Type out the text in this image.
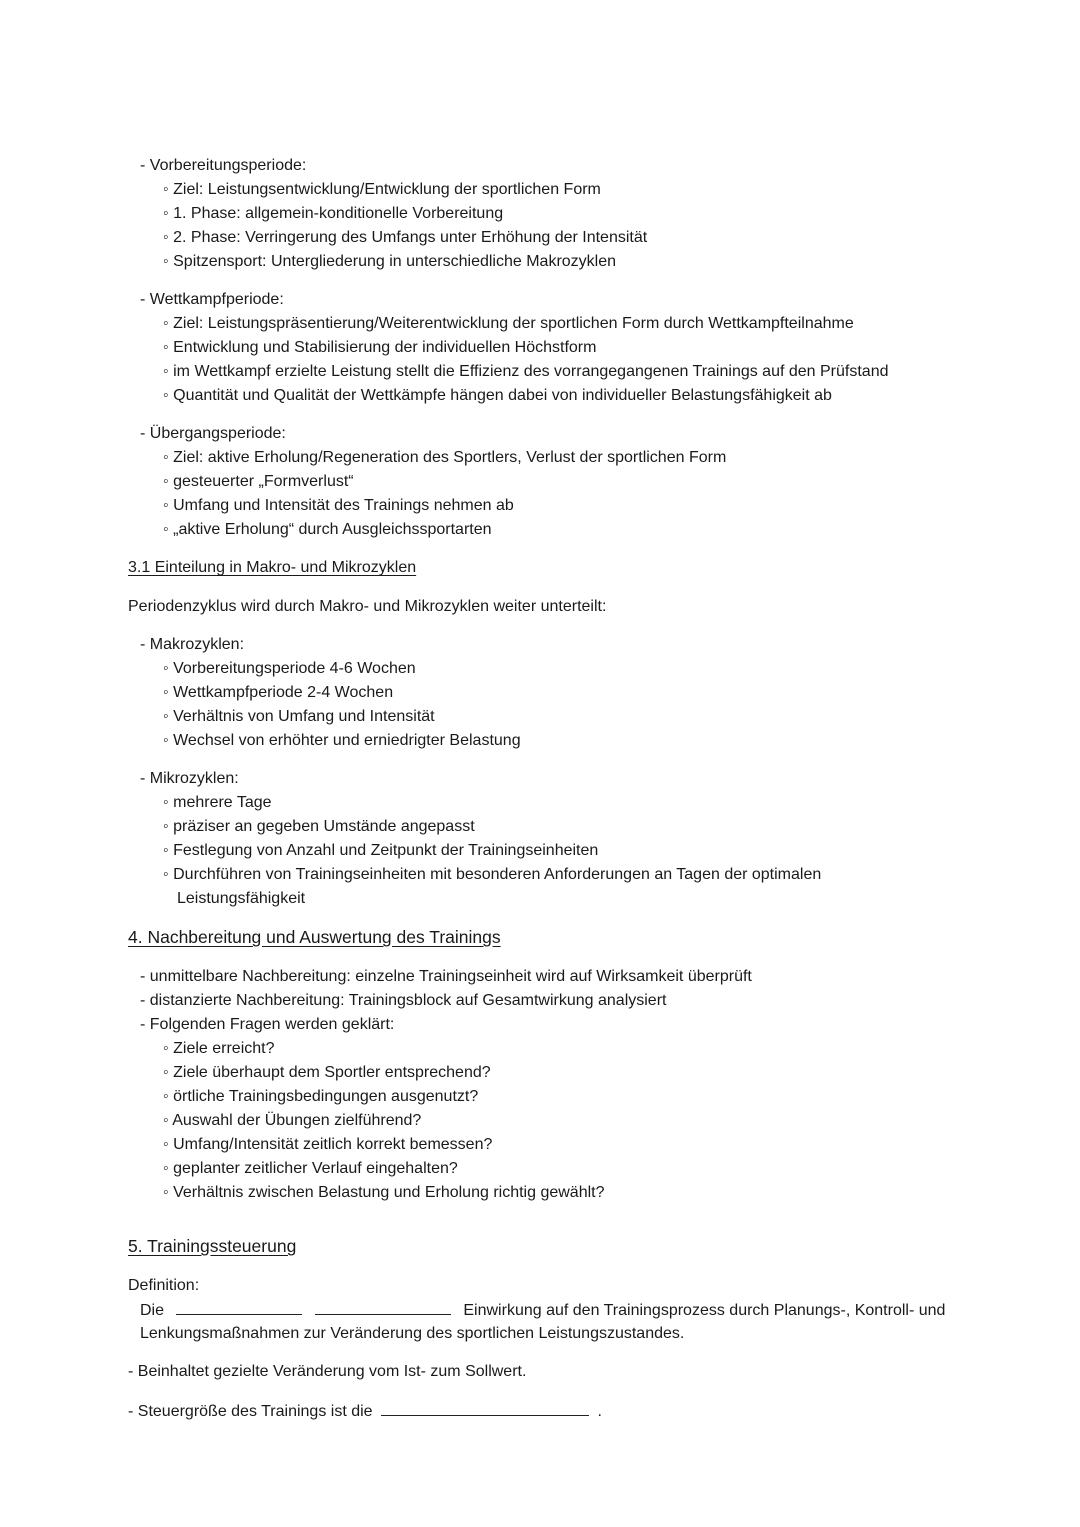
- Vorbereitungsperiode:
◦ Ziel: Leistungsentwicklung/Entwicklung der sportlichen Form
◦ 1. Phase: allgemein-konditionelle Vorbereitung
◦ 2. Phase: Verringerung des Umfangs unter Erhöhung der Intensität
◦ Spitzensport: Untergliederung in unterschiedliche Makrozyklen
- Wettkampfperiode:
◦ Ziel: Leistungspräsentierung/Weiterentwicklung der sportlichen Form durch Wettkampfteilnahme
◦ Entwicklung und Stabilisierung der individuellen Höchstform
◦ im Wettkampf erzielte Leistung stellt die Effizienz des vorrangegangenen Trainings auf den Prüfstand
◦ Quantität und Qualität der Wettkämpfe hängen dabei von individueller Belastungsfähigkeit ab
- Übergangsperiode:
◦ Ziel: aktive Erholung/Regeneration des Sportlers, Verlust der sportlichen Form
◦ gesteuerter „Formverlust“
◦ Umfang und Intensität des Trainings nehmen ab
◦ „aktive Erholung“ durch Ausgleichssportarten
3.1 Einteilung in Makro- und Mikrozyklen
Periodenzyklus wird durch Makro- und Mikrozyklen weiter unterteilt:
- Makrozyklen:
◦ Vorbereitungsperiode 4-6 Wochen
◦ Wettkampfperiode 2-4 Wochen
◦ Verhältnis von Umfang und Intensität
◦ Wechsel von erhöhter und erniedrigter Belastung
- Mikrozyklen:
◦ mehrere Tage
◦ präziser an gegeben Umstände angepasst
◦ Festlegung von Anzahl und Zeitpunkt der Trainingseinheiten
◦ Durchführen von Trainingseinheiten mit besonderen Anforderungen an Tagen der optimalen
Leistungsfähigkeit
4. Nachbereitung und Auswertung des Trainings
- unmittelbare Nachbereitung: einzelne Trainingseinheit wird auf Wirksamkeit überprüft
- distanzierte Nachbereitung: Trainingsblock auf Gesamtwirkung analysiert
- Folgenden Fragen werden geklärt:
◦ Ziele erreicht?
◦ Ziele überhaupt dem Sportler entsprechend?
◦ örtliche Trainingsbedingungen ausgenutzt?
◦ Auswahl der Übungen zielführend?
◦ Umfang/Intensität zeitlich korrekt bemessen?
◦ geplanter zeitlicher Verlauf eingehalten?
◦ Verhältnis zwischen Belastung und Erholung richtig gewählt?
5. Trainingssteuerung
Definition:
Die	Einwirkung auf den Trainingsprozess durch Planungs-, Kontroll- und
Lenkungsmaßnahmen zur Veränderung des sportlichen Leistungszustandes.
- Beinhaltet gezielte Veränderung vom Ist- zum Sollwert.
- Steuergröße des Trainings ist die	.
